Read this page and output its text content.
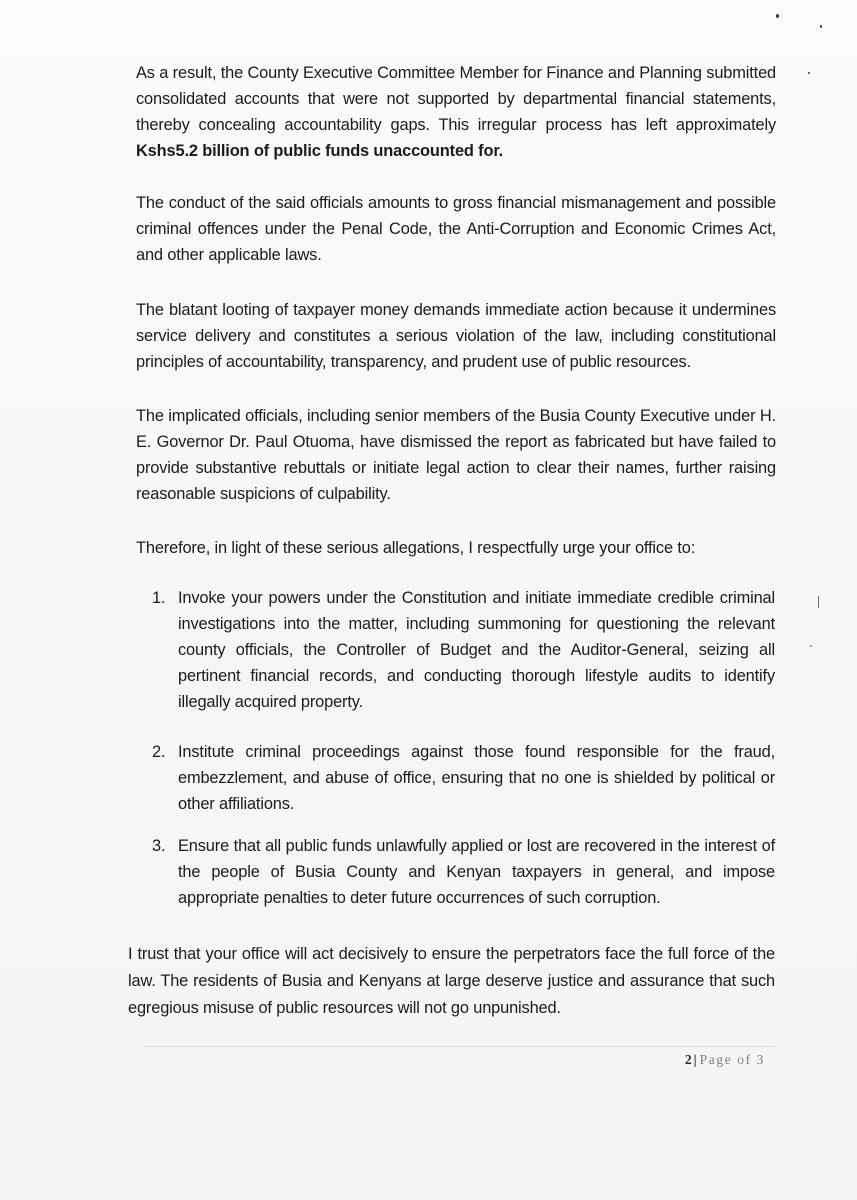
As a result, the County Executive Committee Member for Finance and Planning submitted consolidated accounts that were not supported by departmental financial statements, thereby concealing accountability gaps. This irregular process has left approximately Kshs5.2 billion of public funds unaccounted for.

The conduct of the said officials amounts to gross financial mismanagement and possible criminal offences under the Penal Code, the Anti-Corruption and Economic Crimes Act, and other applicable laws.

The blatant looting of taxpayer money demands immediate action because it undermines service delivery and constitutes a serious violation of the law, including constitutional principles of accountability, transparency, and prudent use of public resources.

The implicated officials, including senior members of the Busia County Executive under H. E. Governor Dr. Paul Otuoma, have dismissed the report as fabricated but have failed to provide substantive rebuttals or initiate legal action to clear their names, further raising reasonable suspicions of culpability.

Therefore, in light of these serious allegations, I respectfully urge your office to:

1. Invoke your powers under the Constitution and initiate immediate credible criminal investigations into the matter, including summoning for questioning the relevant county officials, the Controller of Budget and the Auditor-General, seizing all pertinent financial records, and conducting thorough lifestyle audits to identify illegally acquired property.
2. Institute criminal proceedings against those found responsible for the fraud, embezzlement, and abuse of office, ensuring that no one is shielded by political or other affiliations.
3. Ensure that all public funds unlawfully applied or lost are recovered in the interest of the people of Busia County and Kenyan taxpayers in general, and impose appropriate penalties to deter future occurrences of such corruption.

I trust that your office will act decisively to ensure the perpetrators face the full force of the law. The residents of Busia and Kenyans at large deserve justice and assurance that such egregious misuse of public resources will not go unpunished.

2 | Page of 3
